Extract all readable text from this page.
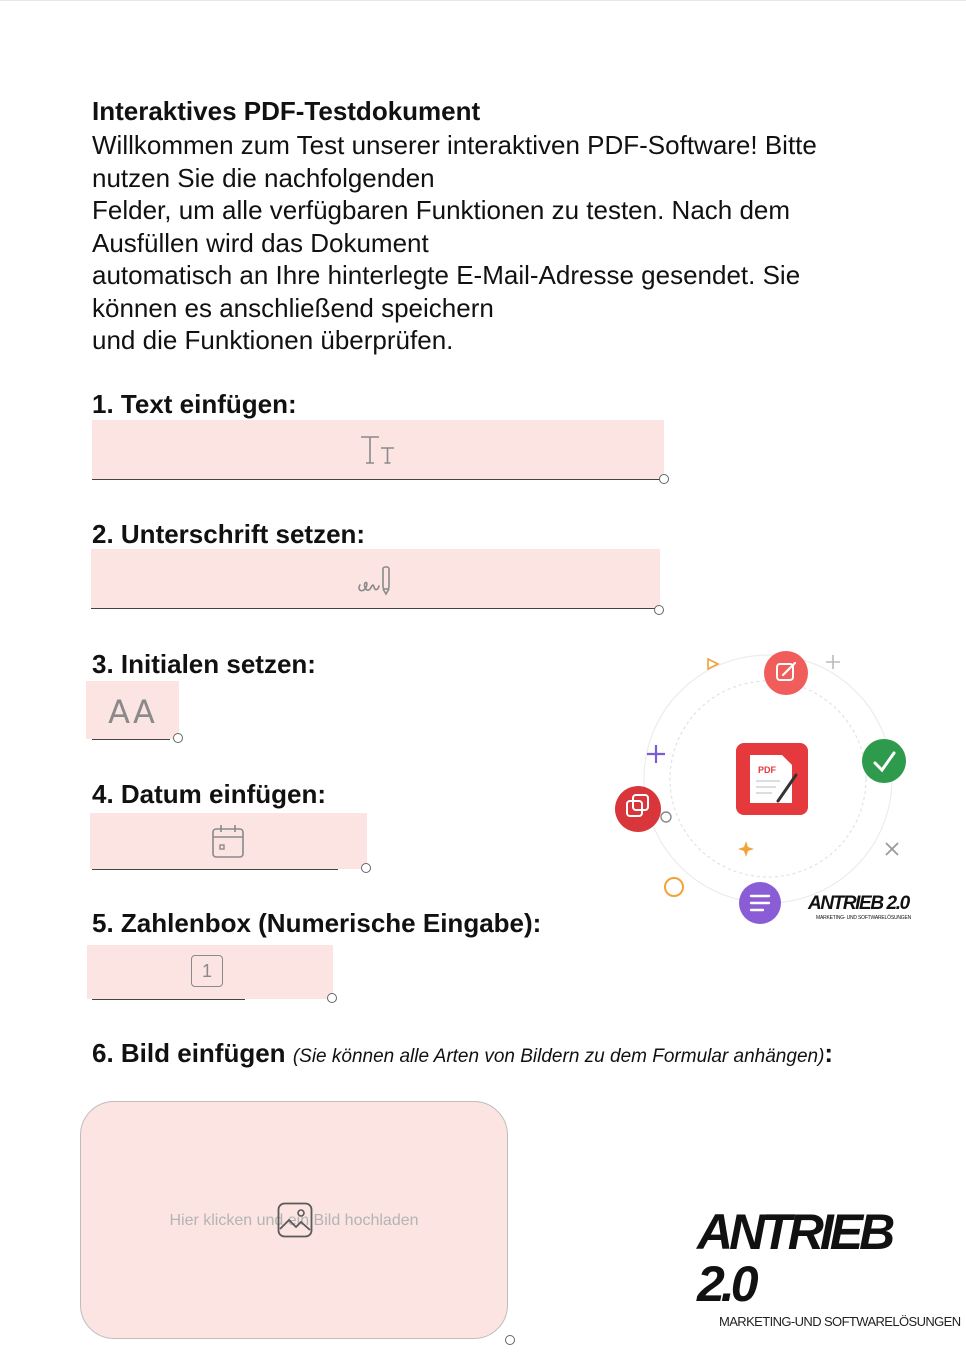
Interaktives PDF-Testdokument
Willkommen zum Test unserer interaktiven PDF-Software! Bitte
nutzen Sie die nachfolgenden
Felder, um alle verfügbaren Funktionen zu testen. Nach dem
Ausfüllen wird das Dokument
automatisch an Ihre hinterlegte E-Mail-Adresse gesendet. Sie
können es anschließend speichern
und die Funktionen überprüfen.
1. Text einfügen:
2. Unterschrift setzen:
3. Initialen setzen:
AA
4. Datum einfügen:
5. Zahlenbox (Numerische Eingabe):
1
6. Bild einfügen (Sie können alle Arten von Bildern zu dem Formular anhängen):
Hier klicken und ein Bild hochladen
PDF
ANTRIEB 2.0
MARKETING- UND SOFTWARELÖSUNGEN
ANTRIEB 2.0
MARKETING-UND SOFTWARELÖSUNGEN
